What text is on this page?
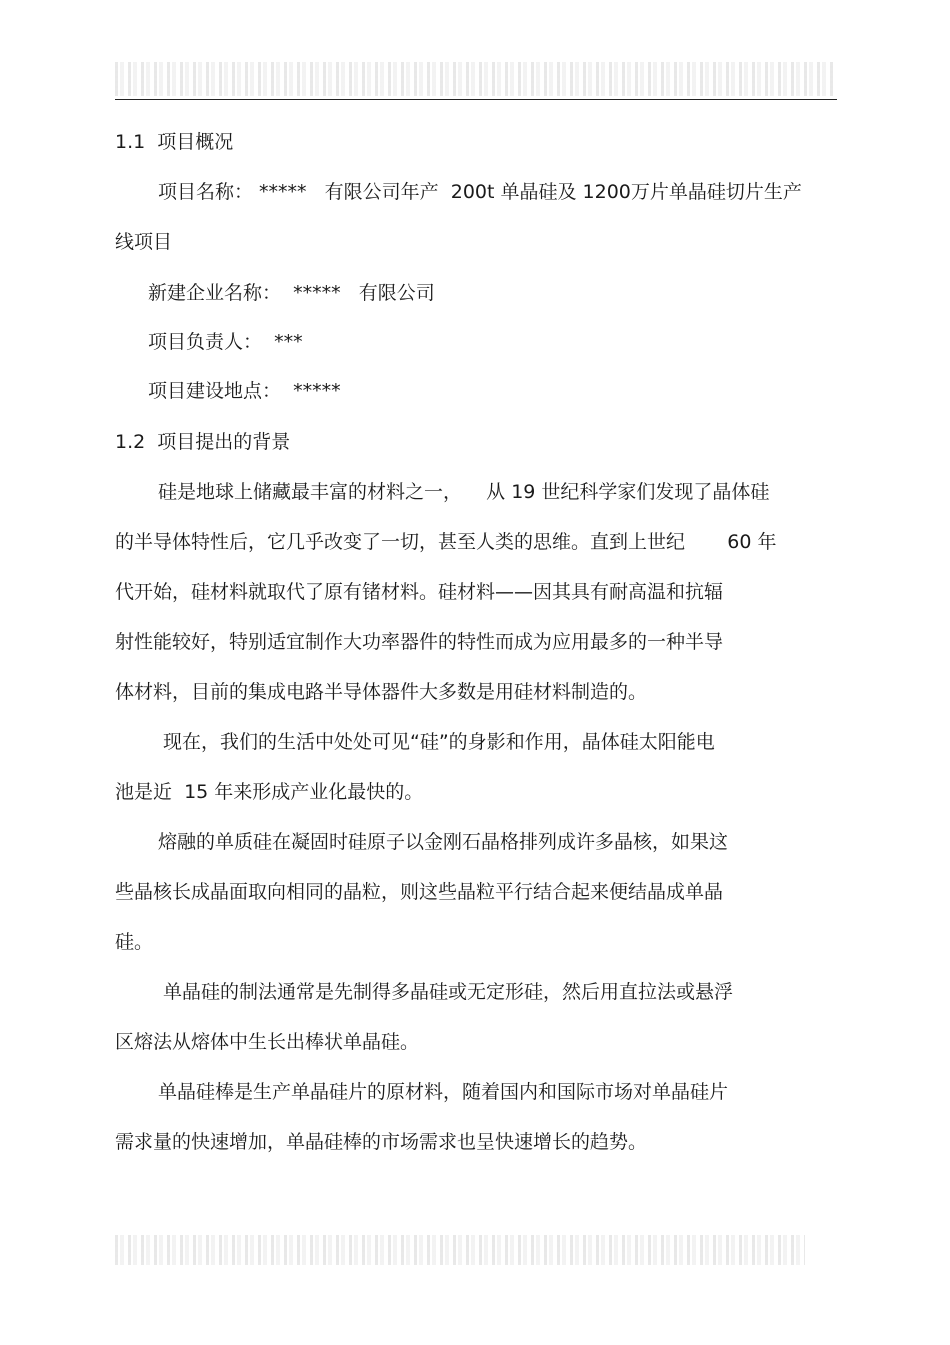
1.1  项目概况
项目名称： *****   有限公司年产  200t 单晶硅及 1200万片单晶硅切片生产
线项目
新建企业名称：  *****   有限公司
项目负责人：  ***
项目建设地点：  *****
1.2  项目提出的背景
硅是地球上储藏最丰富的材料之一，    从 19 世纪科学家们发现了晶体硅
的半导体特性后，它几乎改变了一切，甚至人类的思维。直到上世纪       60 年
代开始，硅材料就取代了原有锗材料。硅材料——因其具有耐高温和抗辐
射性能较好，特别适宜制作大功率器件的特性而成为应用最多的一种半导
体材料，目前的集成电路半导体器件大多数是用硅材料制造的。
现在，我们的生活中处处可见“硅”的身影和作用，晶体硅太阳能电
池是近  15 年来形成产业化最快的。
熔融的单质硅在凝固时硅原子以金刚石晶格排列成许多晶核，如果这
些晶核长成晶面取向相同的晶粒，则这些晶粒平行结合起来便结晶成单晶
硅。
单晶硅的制法通常是先制得多晶硅或无定形硅，然后用直拉法或悬浮
区熔法从熔体中生长出棒状单晶硅。
单晶硅棒是生产单晶硅片的原材料，随着国内和国际市场对单晶硅片
需求量的快速增加，单晶硅棒的市场需求也呈快速增长的趋势。
